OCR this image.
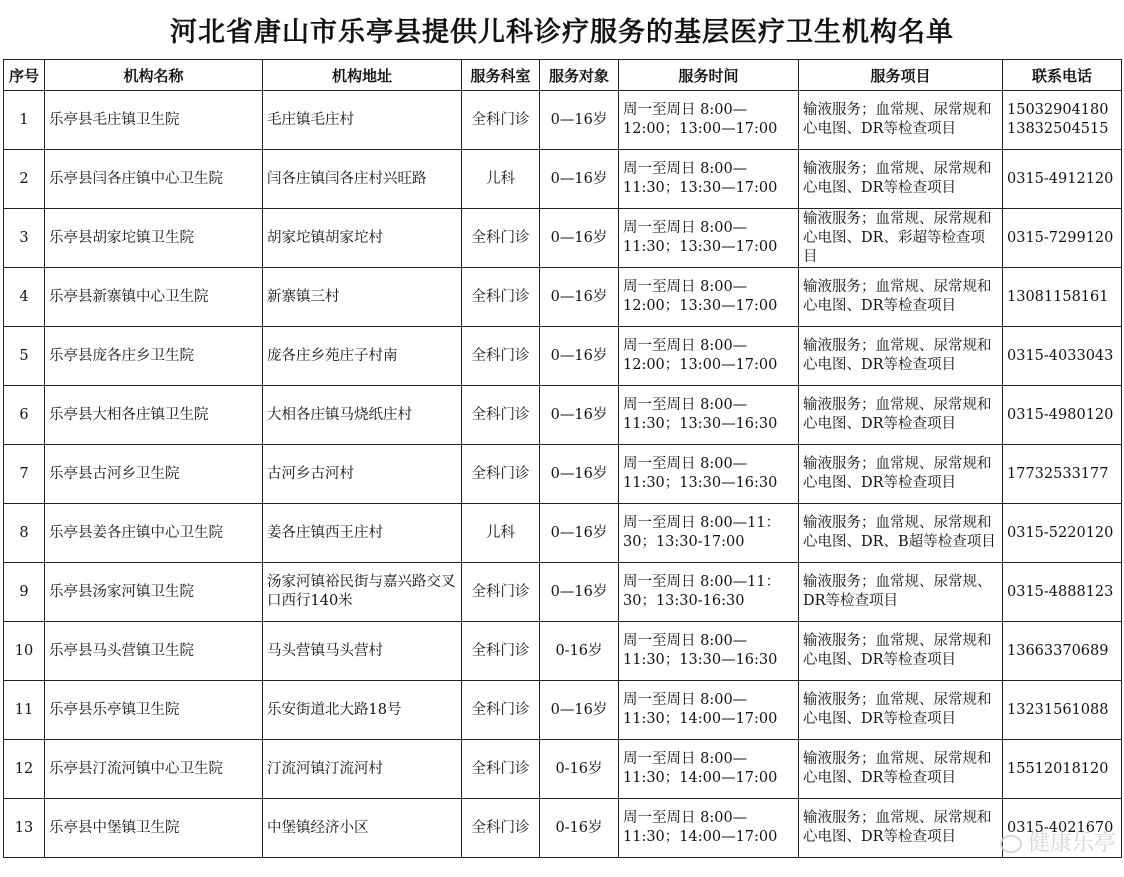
河北省唐山市乐亭县提供儿科诊疗服务的基层医疗卫生机构名单
序号	机构名称	机构地址	服务科室	服务对象	服务时间	服务项目	联系电话
1	乐亭县毛庄镇卫生院	毛庄镇毛庄村	全科门诊	0—16岁	周一至周日 8:00—12:00；13:00—17:00	输液服务；血常规、尿常规和心电图、DR等检查项目	15032904180 13832504515
2	乐亭县闫各庄镇中心卫生院	闫各庄镇闫各庄村兴旺路	儿科	0—16岁	周一至周日 8:00—11:30；13:30—17:00	输液服务；血常规、尿常规和心电图、DR等检查项目	0315-4912120
3	乐亭县胡家坨镇卫生院	胡家坨镇胡家坨村	全科门诊	0—16岁	周一至周日 8:00—11:30；13:30—17:00	输液服务；血常规、尿常规和心电图、DR、彩超等检查项目	0315-7299120
4	乐亭县新寨镇中心卫生院	新寨镇三村	全科门诊	0—16岁	周一至周日 8:00—12:00；13:30—17:00	输液服务；血常规、尿常规和心电图、DR等检查项目	13081158161
5	乐亭县庞各庄乡卫生院	庞各庄乡苑庄子村南	全科门诊	0—16岁	周一至周日 8:00—12:00；13:00—17:00	输液服务；血常规、尿常规和心电图、DR等检查项目	0315-4033043
6	乐亭县大相各庄镇卫生院	大相各庄镇马烧纸庄村	全科门诊	0—16岁	周一至周日 8:00—11:30；13:30—16:30	输液服务；血常规、尿常规和心电图、DR等检查项目	0315-4980120
7	乐亭县古河乡卫生院	古河乡古河村	全科门诊	0—16岁	周一至周日 8:00—11:30；13:30—16:30	输液服务；血常规、尿常规和心电图、DR等检查项目	17732533177
8	乐亭县姜各庄镇中心卫生院	姜各庄镇西王庄村	儿科	0—16岁	周一至周日 8:00—11：30；13:30-17:00	输液服务；血常规、尿常规和心电图、DR、B超等检查项目	0315-5220120
9	乐亭县汤家河镇卫生院	汤家河镇裕民街与嘉兴路交叉口西行140米	全科门诊	0—16岁	周一至周日 8:00—11：30；13:30-16:30	输液服务；血常规、尿常规、DR等检查项目	0315-4888123
10	乐亭县马头营镇卫生院	马头营镇马头营村	全科门诊	0-16岁	周一至周日 8:00—11:30；13:30—16:30	输液服务；血常规、尿常规和心电图、DR等检查项目	13663370689
11	乐亭县乐亭镇卫生院	乐安街道北大路18号	全科门诊	0—16岁	周一至周日 8:00—11:30；14:00—17:00	输液服务；血常规、尿常规和心电图、DR等检查项目	13231561088
12	乐亭县汀流河镇中心卫生院	汀流河镇汀流河村	全科门诊	0-16岁	周一至周日 8:00—11:30；14:00—17:00	输液服务；血常规、尿常规和心电图、DR等检查项目	15512018120
13	乐亭县中堡镇卫生院	中堡镇经济小区	全科门诊	0-16岁	周一至周日 8:00—11:30；14:00—17:00	输液服务；血常规、尿常规和心电图、DR等检查项目	0315-4021670
健康乐亭
